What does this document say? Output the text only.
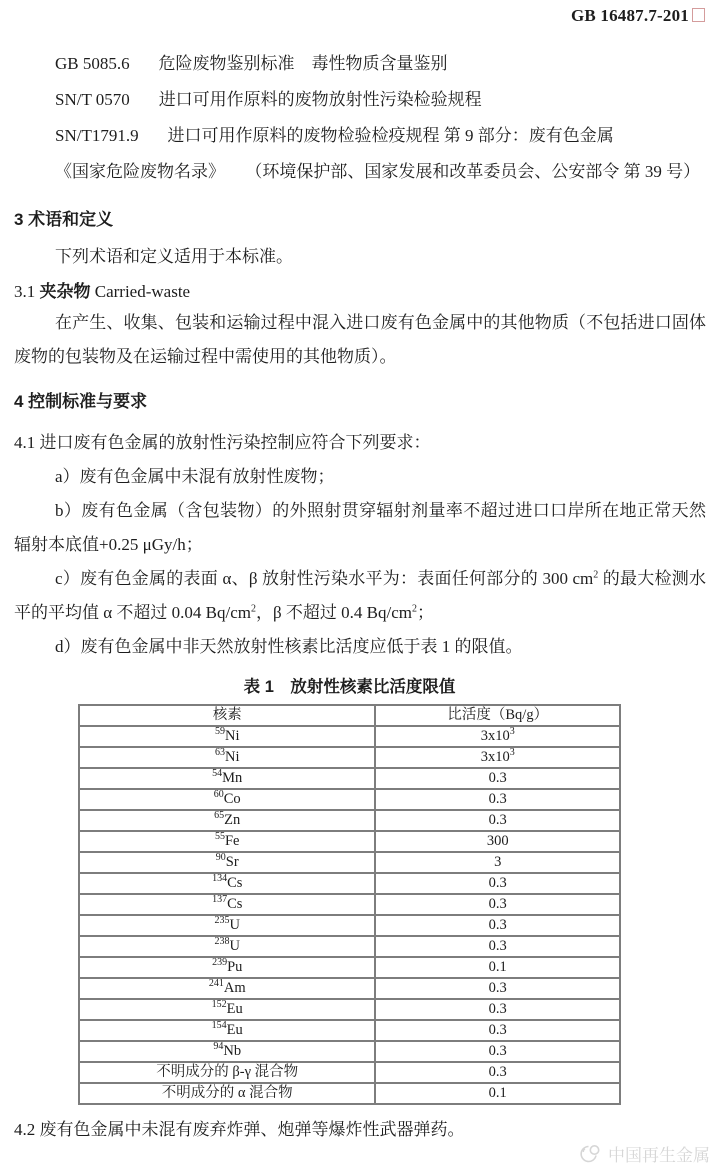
GB 16487.7-201

GB 5085.6 危险废物鉴别标准　毒性物质含量鉴别

SN/T 0570 进口可用作原料的废物放射性污染检验规程

SN/T1791.9 进口可用作原料的废物检验检疫规程 第 9 部分：废有色金属

《国家危险废物名录》 （环境保护部、国家发展和改革委员会、公安部令 第 39 号）

3 术语和定义

下列术语和定义适用于本标准。

3.1 夹杂物 Carried-waste

在产生、收集、包装和运输过程中混入进口废有色金属中的其他物质（不包括进口固体废物的包装物及在运输过程中需使用的其他物质）。

4 控制标准与要求

4.1 进口废有色金属的放射性污染控制应符合下列要求：

a）废有色金属中未混有放射性废物；

b）废有色金属（含包装物）的外照射贯穿辐射剂量率不超过进口口岸所在地正常天然辐射本底值+0.25 μGy/h；

c）废有色金属的表面 α、β 放射性污染水平为：表面任何部分的 300 $cm^2$ 的最大检测水平的平均值 α 不超过 0.04 $Bq/cm^2$，β 不超过 0.4 $Bq/cm^2$；

d）废有色金属中非天然放射性核素比活度应低于表 1 的限值。

表 1　放射性核素比活度限值

核素	比活度（Bq/g）
$^{59}$Ni	$3x10^3$
$^{63}$Ni	$3x10^3$
$^{54}$Mn	0.3
$^{60}$Co	0.3
$^{65}$Zn	0.3
$^{55}$Fe	300
$^{90}$Sr	3
$^{134}$Cs	0.3
$^{137}$Cs	0.3
$^{235}$U	0.3
$^{238}$U	0.3
$^{239}$Pu	0.1
$^{241}$Am	0.3
$^{152}$Eu	0.3
$^{154}$Eu	0.3
$^{94}$Nb	0.3
不明成分的 β-γ 混合物	0.3
不明成分的 α 混合物	0.1

4.2 废有色金属中未混有废弃炸弹、炮弹等爆炸性武器弹药。

中国再生金属
